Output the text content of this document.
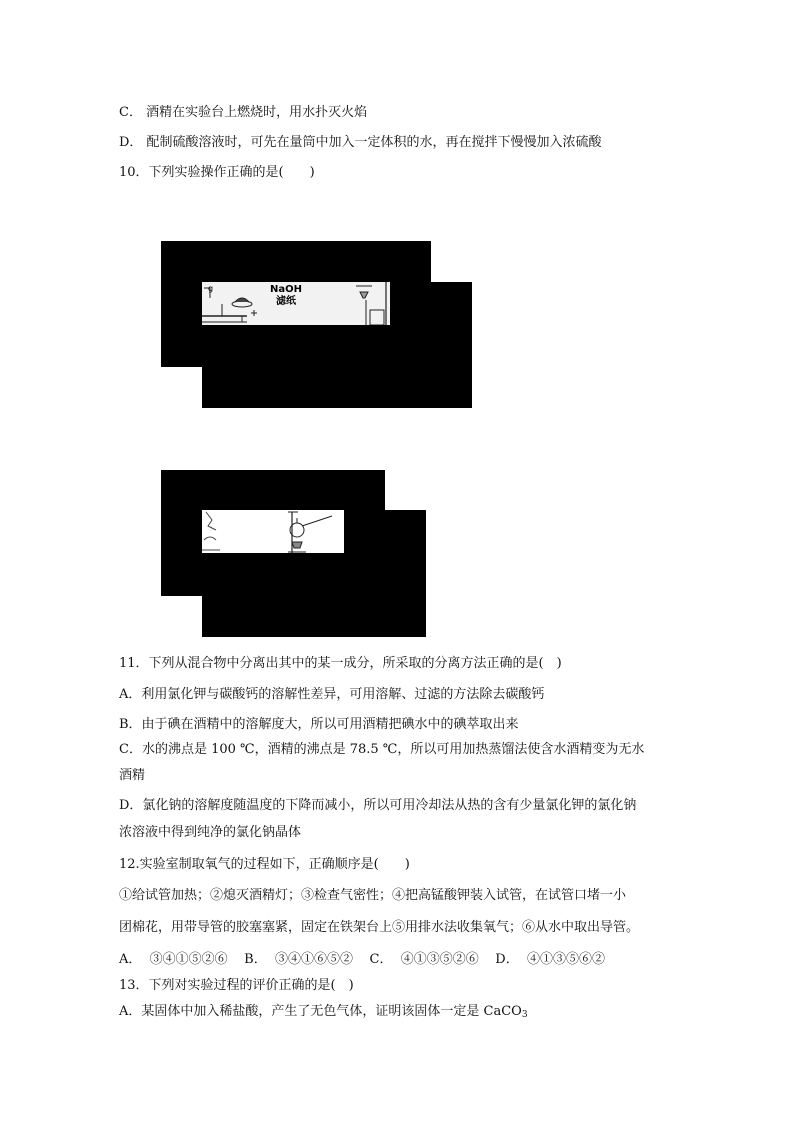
C． 酒精在实验台上燃烧时，用水扑灭火焰
D． 配制硫酸溶液时，可先在量筒中加入一定体积的水，再在搅拌下慢慢加入浓硫酸
10．下列实验操作正确的是(　　)
g	NaOH
滤纸
11．下列从混合物中分离出其中的某一成分，所采取的分离方法正确的是(　)
A．利用氯化钾与碳酸钙的溶解性差异，可用溶解、过滤的方法除去碳酸钙
B．由于碘在酒精中的溶解度大，所以可用酒精把碘水中的碘萃取出来
C．水的沸点是 100 ℃，酒精的沸点是 78.5 ℃，所以可用加热蒸馏法使含水酒精变为无水
酒精
D．氯化钠的溶解度随温度的下降而减小，所以可用冷却法从热的含有少量氯化钾的氯化钠
浓溶液中得到纯净的氯化钠晶体
12.实验室制取氧气的过程如下，正确顺序是(　　)
①给试管加热；②熄灭酒精灯；③检查气密性；④把高锰酸钾装入试管，在试管口堵一小
团棉花，用带导管的胶塞塞紧，固定在铁架台上⑤用排水法收集氧气；⑥从水中取出导管。
A．  ③④①⑤②⑥    B．  ③④①⑥⑤②    C．  ④①③⑤②⑥    D．  ④①③⑤⑥②
13．下列对实验过程的评价正确的是(　)
A．某固体中加入稀盐酸，产生了无色气体，证明该固体一定是 CaCO$_3$
